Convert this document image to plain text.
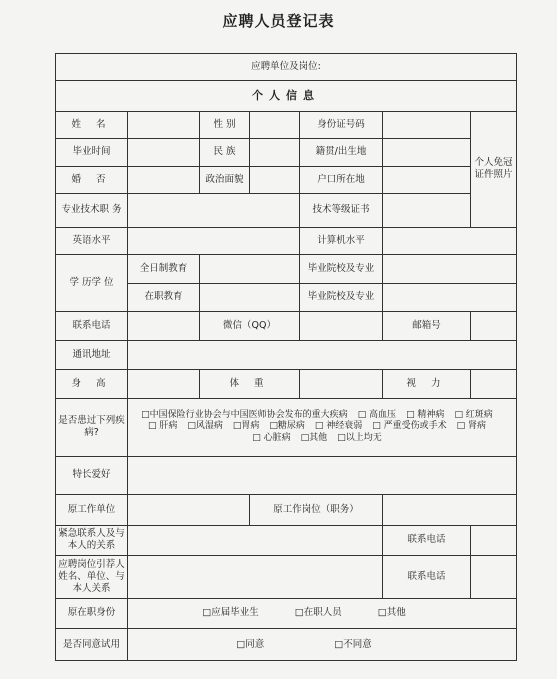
应聘人员登记表
应聘单位及岗位:						
个人信息						
姓 名		性 别		身份证号码		个人免冠证件照片
毕业时间		民 族		籍贯/出生地		
婚 否		政治面貌		户口所在地		
专业技术职 务				技术等级证书		
英语水平				计算机水平		
学 历学 位	全日制教育			毕业院校及专业		
	在职教育			毕业院校及专业		
联系电话		微信（QQ）			邮箱号	
通讯地址						
身 高		体 重			视 力	
是否患过下列疾病?	□中国保险行业协会与中国医师协会发布的重大疾病 □ 高血压 □ 精神病 □ 红斑病□ 肝病 □风湿病 □胃病 □糖尿病 □ 神经衰弱 □ 严重受伤或手术 □ 肾病□ 心脏病 □其他 □以上均无					
特长爱好						
原工作单位			原工作岗位（职务）			
紧急联系人及与本人的关系					联系电话	
应聘岗位引荐人姓名、单位、与本人关系					联系电话	
原在职身份	□应届毕业生 □在职人员 □其他					
是否同意试用	□同意 □不同意					
